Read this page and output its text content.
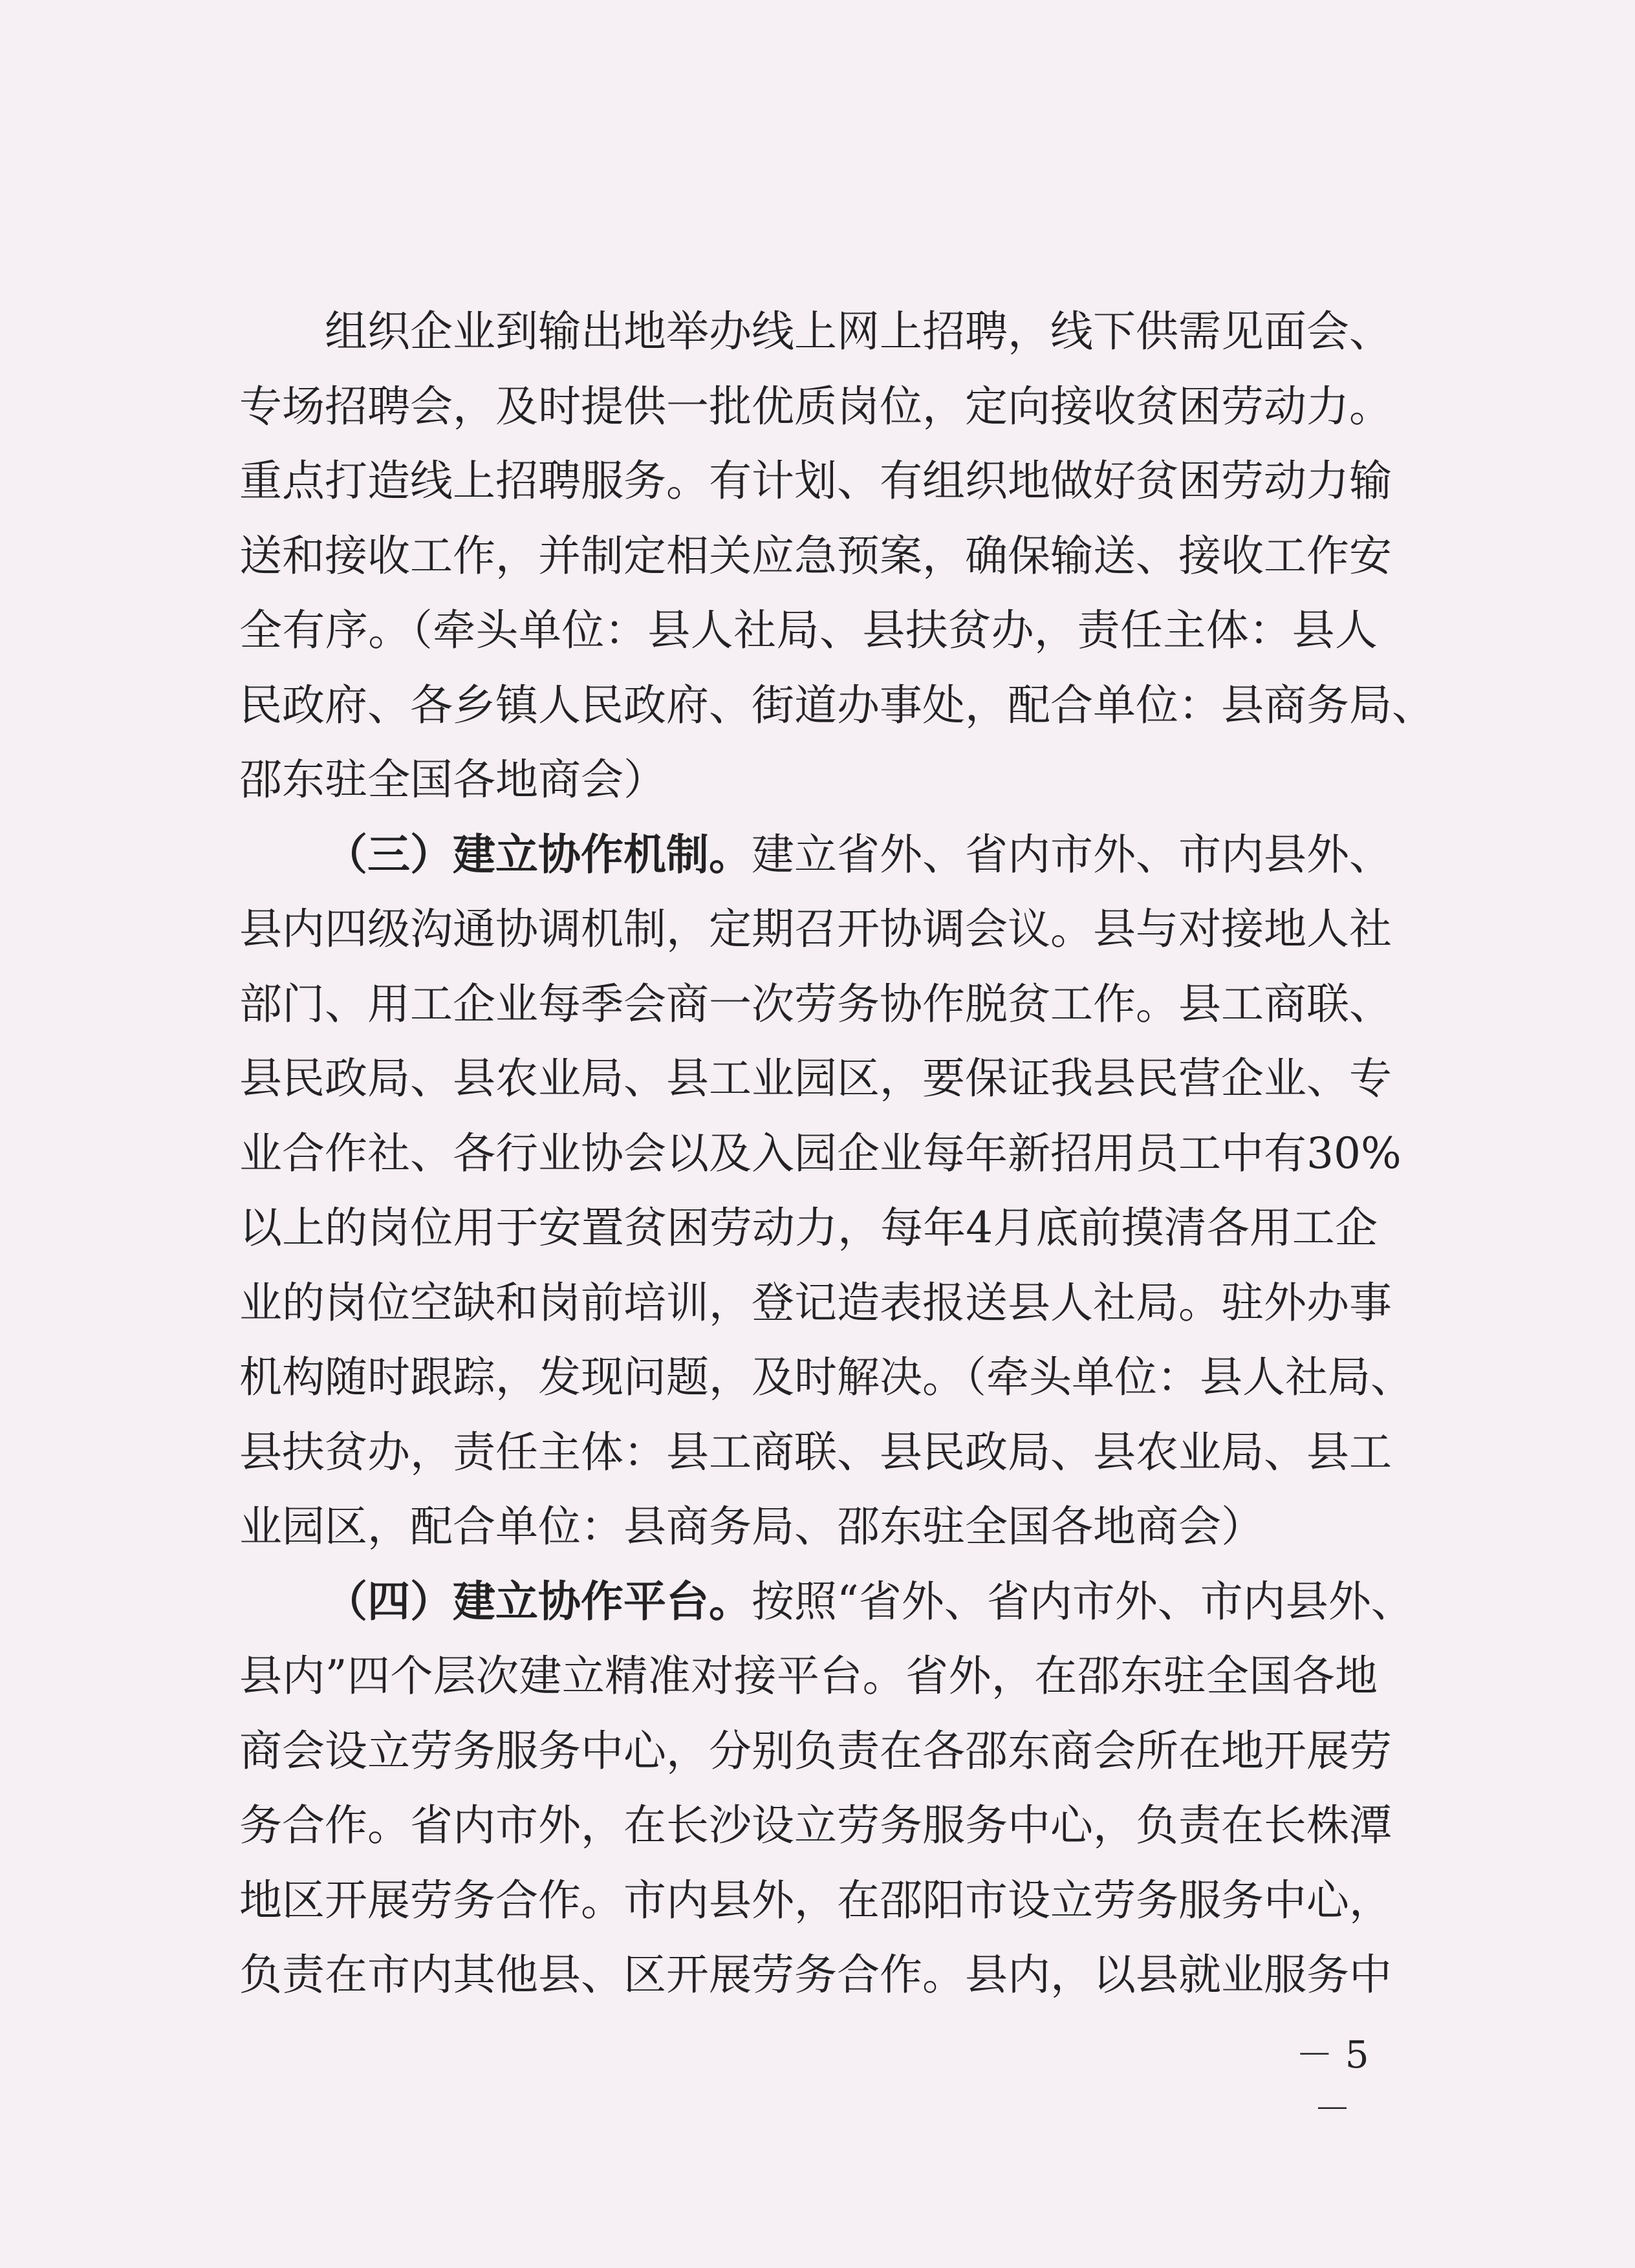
组织企业到输出地举办线上网上招聘，线下供需见面会、
专场招聘会，及时提供一批优质岗位，定向接收贫困劳动力。
重点打造线上招聘服务。有计划、有组织地做好贫困劳动力输
送和接收工作，并制定相关应急预案，确保输送、接收工作安
全有序。（牵头单位：县人社局、县扶贫办，责任主体：县人
民政府、各乡镇人民政府、街道办事处，配合单位：县商务局、
邵东驻全国各地商会）
（三）建立协作机制。建立省外、省内市外、市内县外、
县内四级沟通协调机制，定期召开协调会议。县与对接地人社
部门、用工企业每季会商一次劳务协作脱贫工作。县工商联、
县民政局、县农业局、县工业园区，要保证我县民营企业、专
业合作社、各行业协会以及入园企业每年新招用员工中有30%
以上的岗位用于安置贫困劳动力，每年4月底前摸清各用工企
业的岗位空缺和岗前培训，登记造表报送县人社局。驻外办事
机构随时跟踪，发现问题，及时解决。（牵头单位：县人社局、
县扶贫办，责任主体：县工商联、县民政局、县农业局、县工
业园区，配合单位：县商务局、邵东驻全国各地商会）
（四）建立协作平台。按照“省外、省内市外、市内县外、
县内”四个层次建立精准对接平台。省外，在邵东驻全国各地
商会设立劳务服务中心，分别负责在各邵东商会所在地开展劳
务合作。省内市外，在长沙设立劳务服务中心，负责在长株潭
地区开展劳务合作。市内县外，在邵阳市设立劳务服务中心，
负责在市内其他县、区开展劳务合作。县内，以县就业服务中
－ 5 －
